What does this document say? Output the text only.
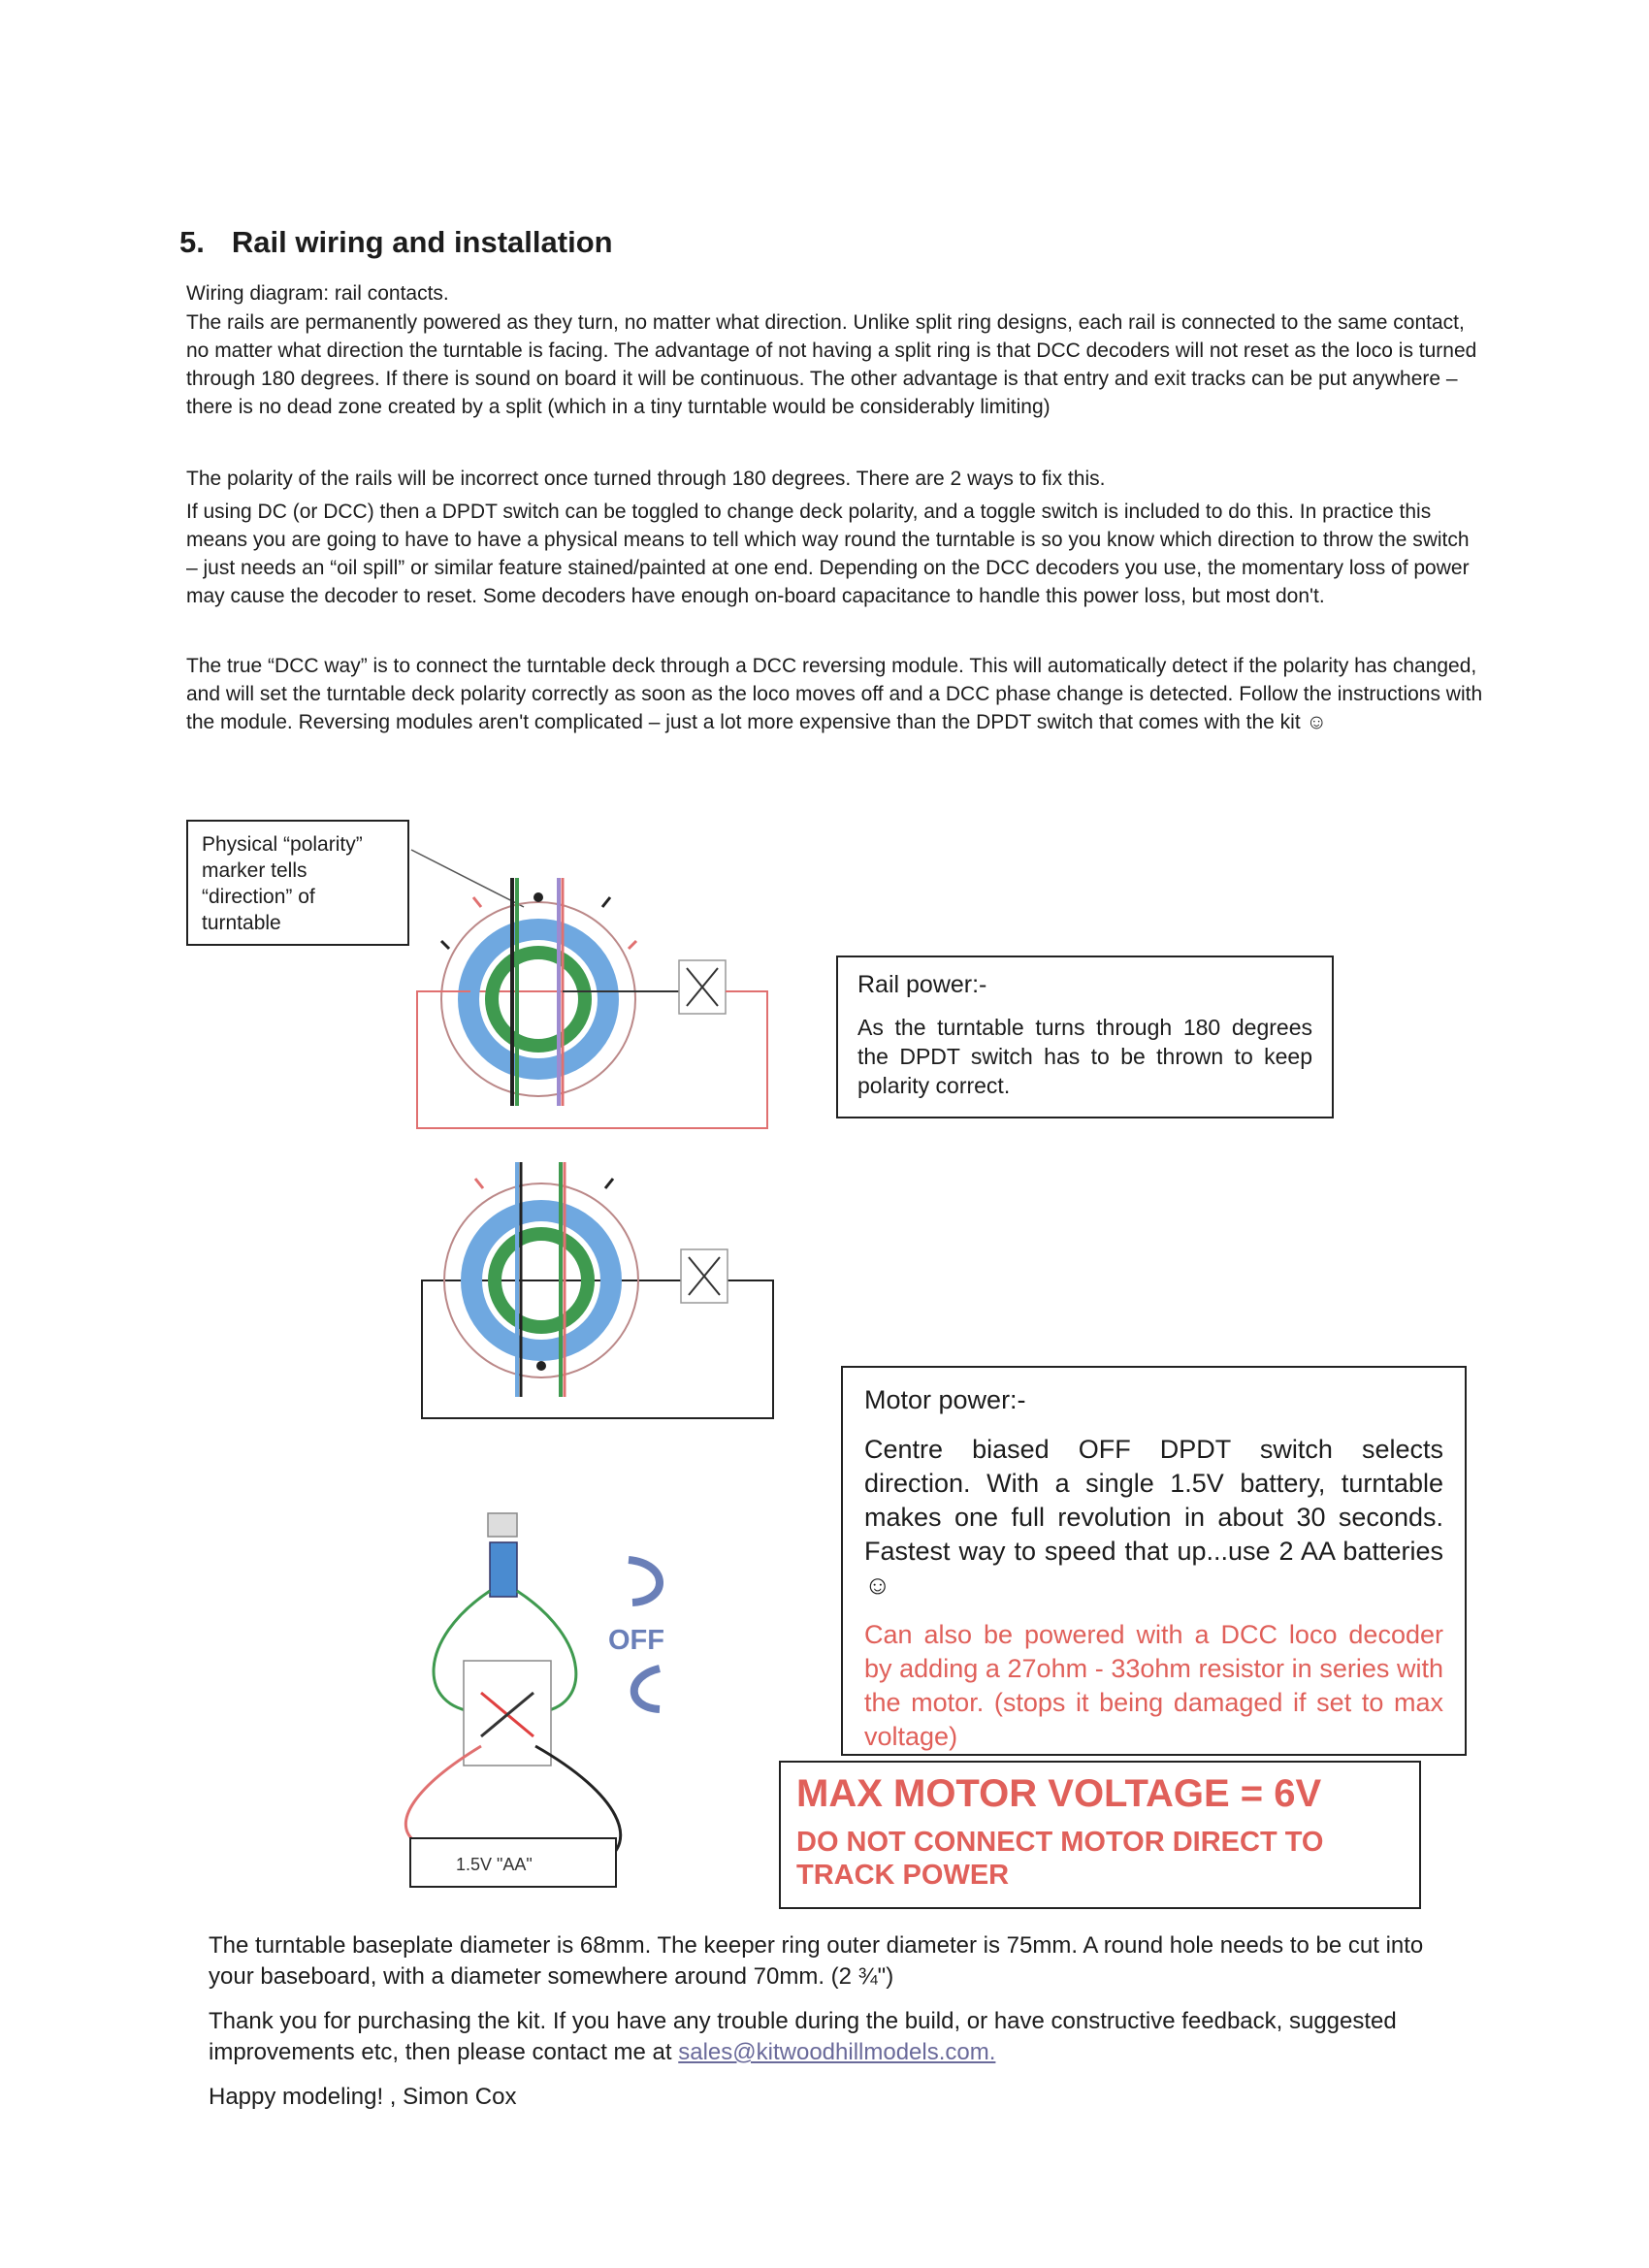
5. Rail wiring and installation
Wiring diagram: rail contacts.
The rails are permanently powered as they turn, no matter what direction. Unlike split ring designs, each rail is connected to the same contact, no matter what direction the turntable is facing. The advantage of not having a split ring is that DCC decoders will not reset as the loco is turned through 180 degrees. If there is sound on board it will be continuous. The other advantage is that entry and exit tracks can be put anywhere – there is no dead zone created by a split (which in a tiny turntable would be considerably limiting)
The polarity of the rails will be incorrect once turned through 180 degrees. There are 2 ways to fix this.
If using DC (or DCC) then a DPDT switch can be toggled to change deck polarity, and a toggle switch is included to do this. In practice this means you are going to have to have a physical means to tell which way round the turntable is so you know which direction to throw the switch – just needs an “oil spill” or similar feature stained/painted at one end. Depending on the DCC decoders you use, the momentary loss of power may cause the decoder to reset. Some decoders have enough on-board capacitance to handle this power loss, but most don't.
The true “DCC way” is to connect the turntable deck through a DCC reversing module. This will automatically detect if the polarity has changed, and will set the turntable deck polarity correctly as soon as the loco moves off and a DCC phase change is detected. Follow the instructions with the module. Reversing modules aren't complicated – just a lot more expensive than the DPDT switch that comes with the kit ☺
Physical “polarity” marker tells “direction” of turntable
1.5V "AA"
OFF
Rail power:-
As the turntable turns through 180 degrees the DPDT switch has to be thrown to keep polarity correct.
Motor power:-
Centre biased OFF DPDT switch selects direction. With a single 1.5V battery, turntable makes one full revolution in about 30 seconds. Fastest way to speed that up...use 2 AA batteries ☺
Can also be powered with a DCC loco decoder by adding a 27ohm - 33ohm resistor in series with the motor. (stops it being damaged if set to max voltage)
MAX MOTOR VOLTAGE = 6V
DO NOT CONNECT MOTOR DIRECT TO TRACK POWER

The turntable baseplate diameter is 68mm. The keeper ring outer diameter is 75mm. A round hole needs to be cut into your baseboard, with a diameter somewhere around 70mm. (2 ¾")

Thank you for purchasing the kit. If you have any trouble during the build, or have constructive feedback, suggested improvements etc, then please contact me at sales@kitwoodhillmodels.com.

Happy modeling! , Simon Cox
